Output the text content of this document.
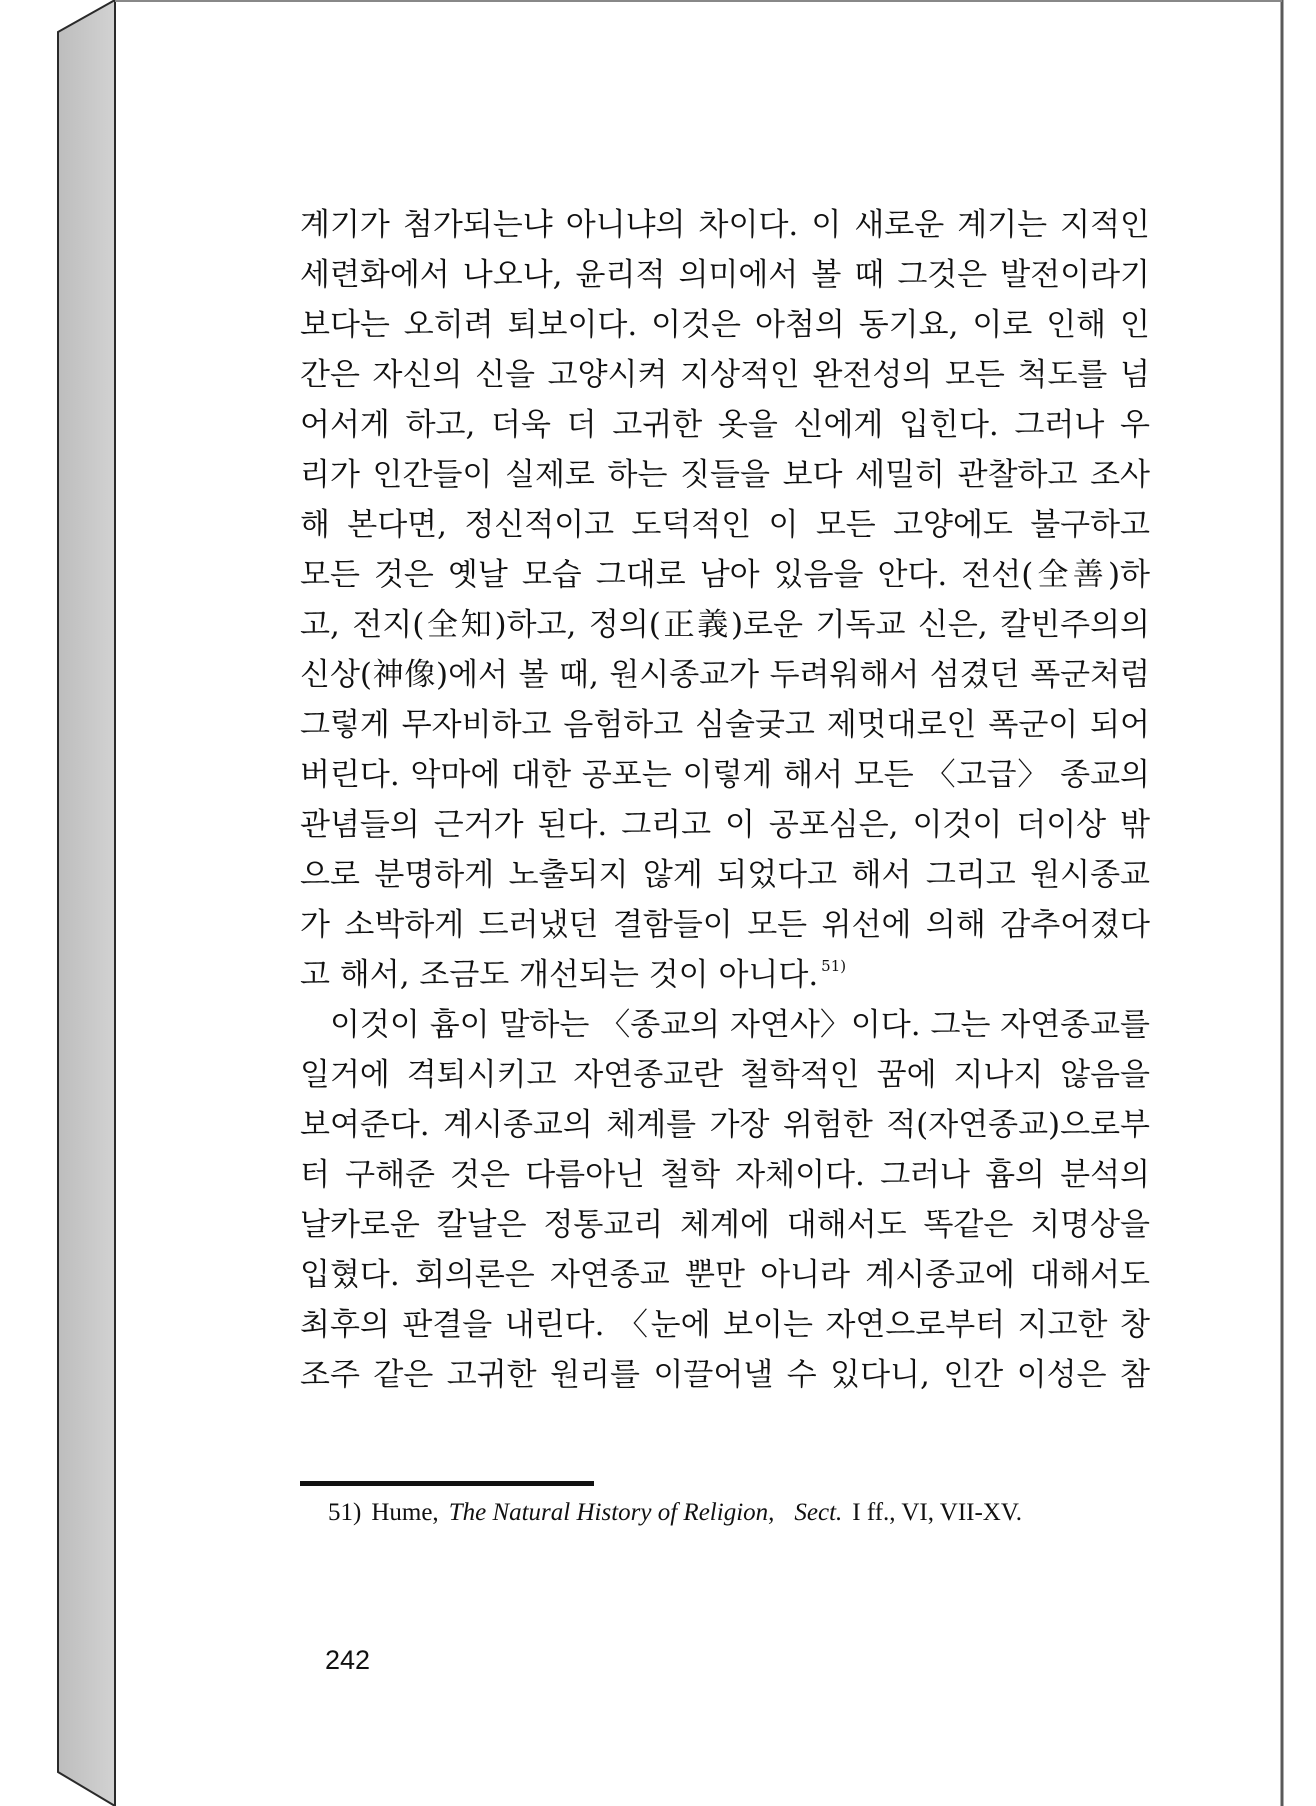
계기가 첨가되는냐 아니냐의 차이다. 이 새로운 계기는 지적인
세련화에서 나오나, 윤리적 의미에서 볼 때 그것은 발전이라기
보다는 오히려 퇴보이다. 이것은 아첨의 동기요, 이로 인해 인
간은 자신의 신을 고양시켜 지상적인 완전성의 모든 척도를 넘
어서게 하고, 더욱 더 고귀한 옷을 신에게 입힌다. 그러나 우
리가 인간들이 실제로 하는 짓들을 보다 세밀히 관찰하고 조사
해 본다면, 정신적이고 도덕적인 이 모든 고양에도 불구하고
모든 것은 옛날 모습 그대로 남아 있음을 안다. 전선(全善)하
고, 전지(全知)하고, 정의(正義)로운 기독교 신은, 칼빈주의의
신상(神像)에서 볼 때, 원시종교가 두려워해서 섬겼던 폭군처럼
그렇게 무자비하고 음험하고 심술궂고 제멋대로인 폭군이 되어
버린다. 악마에 대한 공포는 이렇게 해서 모든 〈고급〉 종교의
관념들의 근거가 된다. 그리고 이 공포심은, 이것이 더이상 밖
으로 분명하게 노출되지 않게 되었다고 해서 그리고 원시종교
가 소박하게 드러냈던 결함들이 모든 위선에 의해 감추어졌다
고 해서, 조금도 개선되는 것이 아니다. $^{51)}$
이것이 흄이 말하는 〈종교의 자연사〉이다. 그는 자연종교를
일거에 격퇴시키고 자연종교란 철학적인 꿈에 지나지 않음을
보여준다. 계시종교의 체계를 가장 위험한 적(자연종교)으로부
터 구해준 것은 다름아닌 철학 자체이다. 그러나 흄의 분석의
날카로운 칼날은 정통교리 체계에 대해서도 똑같은 치명상을
입혔다. 회의론은 자연종교 뿐만 아니라 계시종교에 대해서도
최후의 판결을 내린다. 〈눈에 보이는 자연으로부터 지고한 창
조주 같은 고귀한 원리를 이끌어낼 수 있다니, 인간 이성은 참
51) Hume, The Natural History of Religion, Sect. I ff., VI, VII-XV.
242
